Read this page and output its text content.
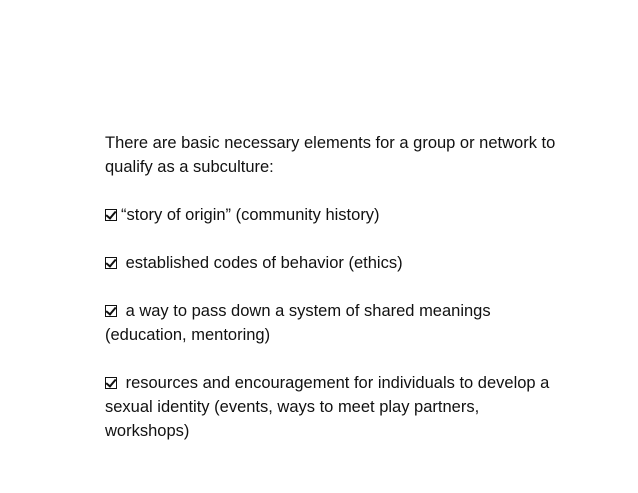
There are basic necessary elements for a group or network to qualify as a subculture:

“story of origin” (community history)

established codes of behavior (ethics)

a way to pass down a system of shared meanings (education, mentoring)

resources and encouragement for individuals to develop a sexual identity (events, ways to meet play partners, workshops)
